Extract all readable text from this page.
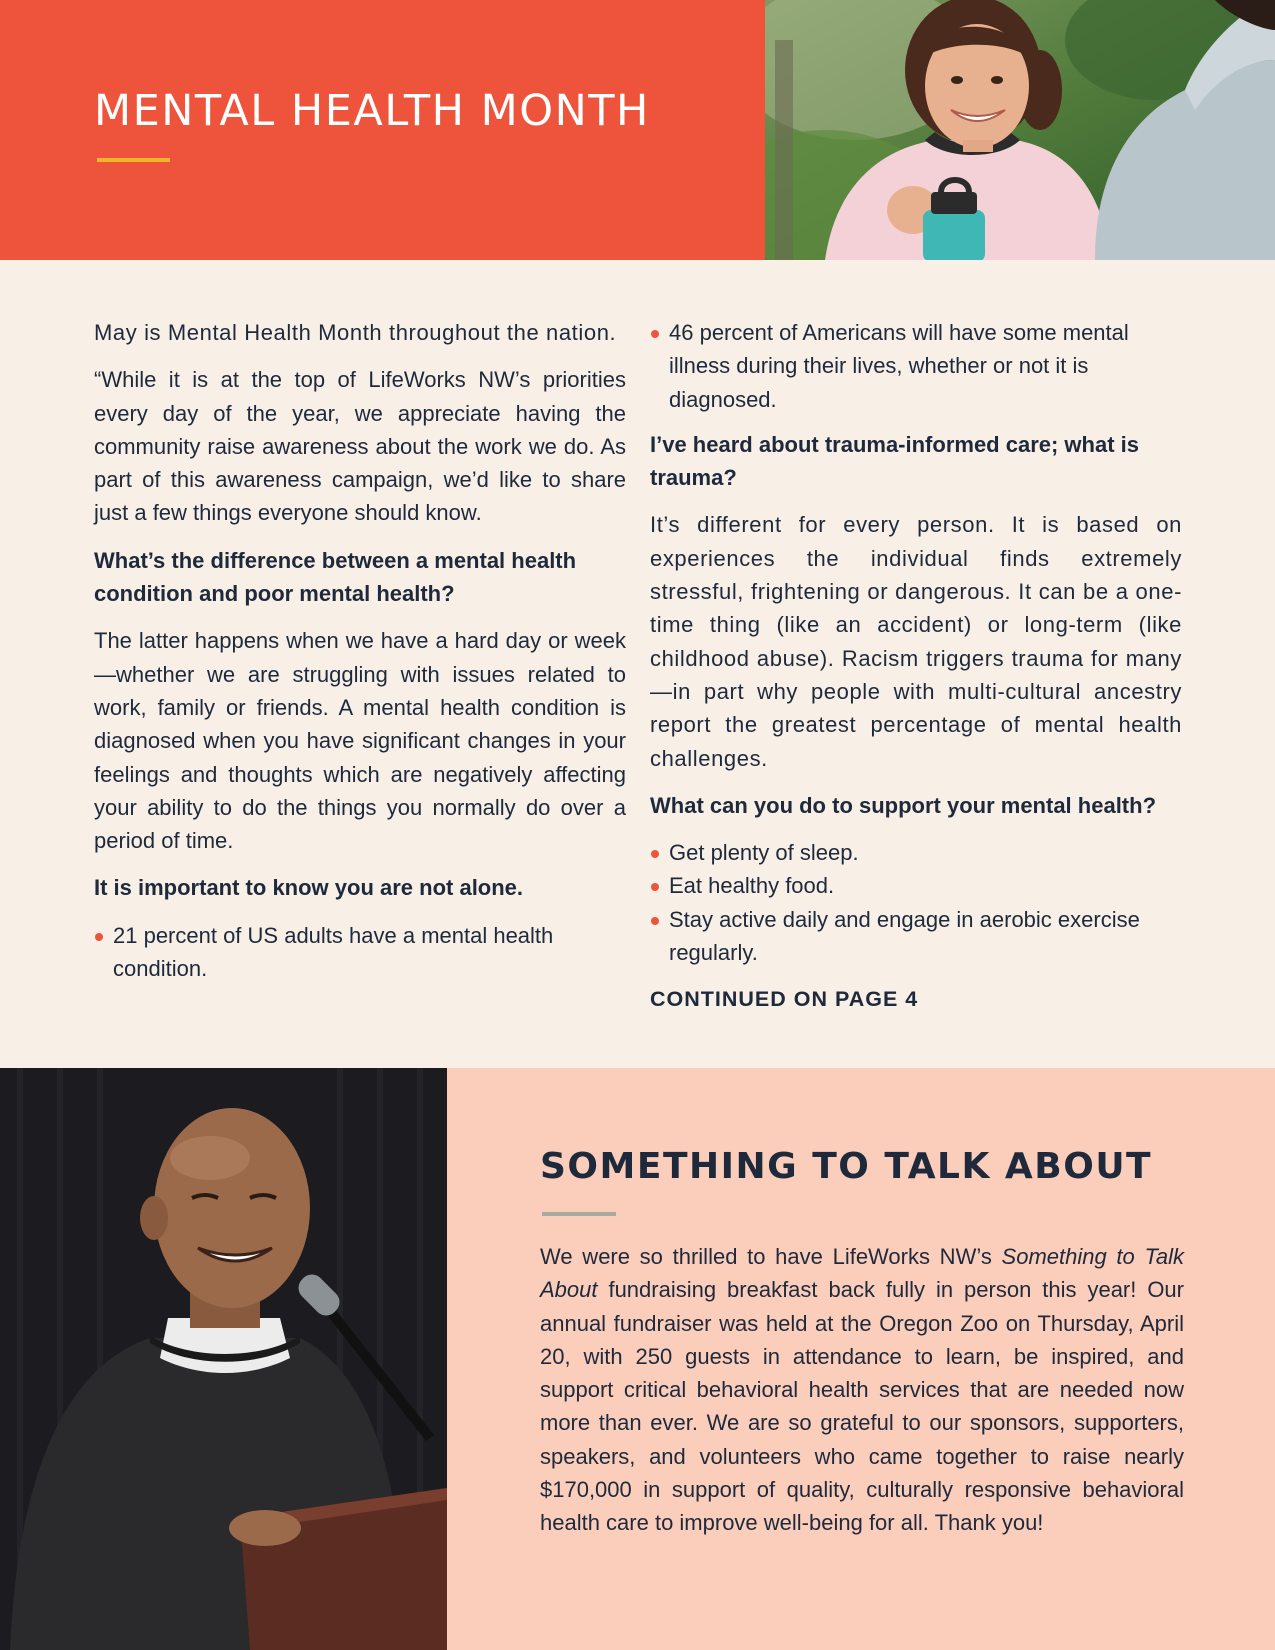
MENTAL HEALTH MONTH

May is Mental Health Month throughout the nation.

“While it is at the top of LifeWorks NW’s priorities every day of the year, we appreciate having the community raise awareness about the work we do. As part of this awareness campaign, we’d like to share just a few things everyone should know.

What’s the difference between a mental health condition and poor mental health?

The latter happens when we have a hard day or week—whether we are struggling with issues related to work, family or friends. A mental health condition is diagnosed when you have significant changes in your feelings and thoughts which are negatively affecting your ability to do the things you normally do over a period of time.

It is important to know you are not alone.
21 percent of US adults have a mental health condition.
46 percent of Americans will have some mental illness during their lives, whether or not it is diagnosed.
I’ve heard about trauma-informed care; what is trauma?

It’s different for every person. It is based on experiences the individual finds extremely stressful, frightening or dangerous. It can be a one-time thing (like an accident) or long-term (like childhood abuse). Racism triggers trauma for many—in part why people with multi-cultural ancestry report the greatest percentage of mental health challenges.

What can you do to support your mental health?
Get plenty of sleep.
Eat healthy food.
Stay active daily and engage in aerobic exercise regularly.
CONTINUED ON PAGE 4
SOMETHING TO TALK ABOUT

We were so thrilled to have LifeWorks NW’s Something to Talk About fundraising breakfast back fully in person this year! Our annual fundraiser was held at the Oregon Zoo on Thursday, April 20, with 250 guests in attendance to learn, be inspired, and support critical behavioral health services that are needed now more than ever. We are so grateful to our sponsors, supporters, speakers, and volunteers who came together to raise nearly $170,000 in support of quality, culturally responsive behavioral health care to improve well-being for all. Thank you!
